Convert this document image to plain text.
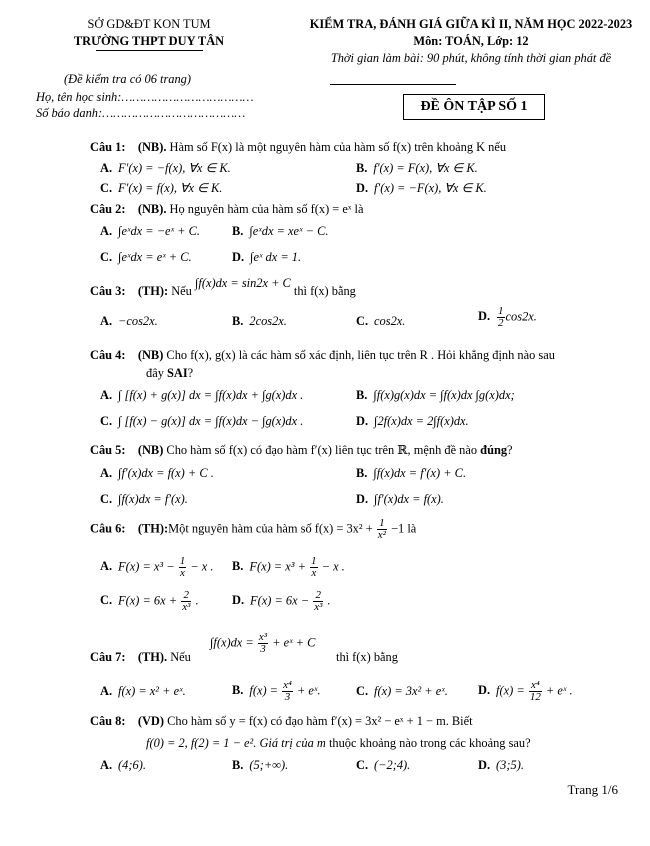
SỞ GD&ĐT KON TUM
TRƯỜNG THPT DUY TÂN
(Đề kiểm tra có 06 trang)
KIỂM TRA, ĐÁNH GIÁ GIỮA KÌ II, NĂM HỌC 2022-2023
Môn: TOÁN, Lớp: 12
Thời gian làm bài: 90 phút, không tính thời gian phát đề
Họ, tên học sinh:………………………………
Số báo danh:…………………………………	ĐỀ ÔN TẬP SỐ 1
Câu 1: (NB). Hàm số F(x) là một nguyên hàm của hàm số f(x) trên khoảng K nếu
A. F′(x) = −f(x), ∀x ∈ K.	B. f′(x) = F(x), ∀x ∈ K.
C. F′(x) = f(x), ∀x ∈ K.	D. f′(x) = −F(x), ∀x ∈ K.
Câu 2: (NB). Họ nguyên hàm của hàm số f(x) = eˣ là
A. ∫eˣdx = −eˣ + C.	B. ∫eˣdx = xeˣ − C.
C. ∫eˣdx = eˣ + C.	D. ∫eˣ dx = 1.
Câu 3: (TH): Nếu ∫f(x)dx = sin2x + C thì f(x) bằng
A. −cos2x.	B. 2cos2x.	C. cos2x.	D. $\frac{1}{2} \cos 2x$.
Câu 4: (NB) Cho f(x), g(x) là các hàm số xác định, liên tục trên R . Hỏi khẳng định nào sau
đây SAI?
A. ∫ [f(x) + g(x)] dx = ∫f(x)dx + ∫g(x)dx .	B. ∫f(x)g(x)dx = ∫f(x)dx ∫g(x)dx;
C. ∫ [f(x) − g(x)] dx = ∫f(x)dx − ∫g(x)dx .	D. ∫2f(x)dx = 2∫f(x)dx.
Câu 5: (NB) Cho hàm số f(x) có đạo hàm f′(x) liên tục trên ℝ, mệnh đề nào đúng?
A. ∫f′(x)dx = f(x) + C .	B. ∫f(x)dx = f′(x) + C.
C. ∫f(x)dx = f′(x).	D. ∫f′(x)dx = f(x).
Câu 6: (TH):Một nguyên hàm của hàm số $f(x) = 3x^2 + \frac{1}{\text{x²}} -1$ là
A. $F(x) = x^3 - \frac{1}{x} - x$ . B. $F(x) = x^3 + \frac{1}{x} - x$ .
C. $F(x) = 6x + \frac{2}{\text{x³}}$ .	D. $F(x) = 6x - \frac{2}{\text{x³}}$ .
Câu 7: (TH). Nếu
$\int f(x)dx = \frac{\text{x³}}{3}$ + eˣ + C
thì f(x) bằng
A. f(x) = x² + eˣ.	B. $f(x) = \frac{\text{x⁴}}{3}$ + eˣ.	C. f(x) = 3x² + eˣ. D. $f(x) = \frac{\text{x⁴}}{12}$ + eˣ .
Câu 8: (VD) Cho hàm số y = f(x) có đạo hàm f′(x) = 3x² − eˣ + 1 − m. Biết
f(0) = 2, f(2) = 1 − e². Giá trị của m thuộc khoảng nào trong các khoảng sau?
A. (4;6).	B. (5;+∞).	C. (−2;4).	D. (3;5).
Trang 1/6
